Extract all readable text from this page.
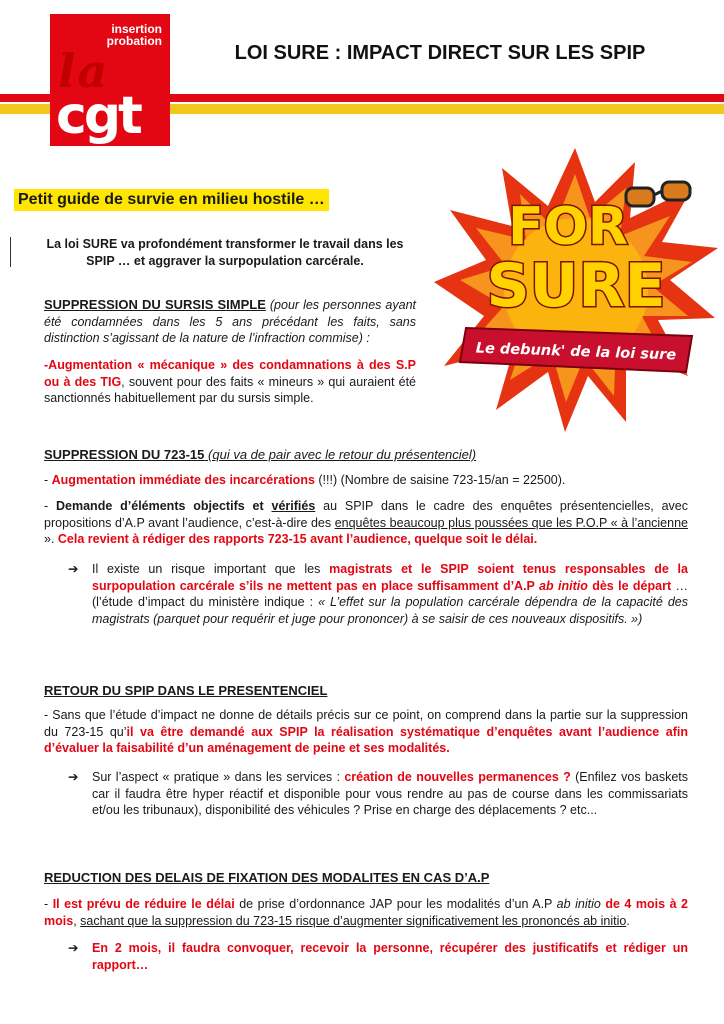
insertion
probation
la
cgt
LOI SURE : IMPACT DIRECT SUR LES SPIP
FOR
SURE
Le debunk' de la loi sure
Petit guide de survie en milieu hostile …
La loi SURE va profondément transformer le travail dans les
SPIP … et aggraver la surpopulation carcérale.

SUPPRESSION DU SURSIS SIMPLE (pour les personnes ayant été condamnées dans les 5 ans précédant les faits, sans distinction s’agissant de la nature de l’infraction commise) :

-Augmentation « mécanique » des condamnations à des S.P ou à des TIG, souvent pour des faits « mineurs » qui auraient été sanctionnés habituellement par du sursis simple.

SUPPRESSION DU 723-15 (qui va de pair avec le retour du présentenciel)

- Augmentation immédiate des incarcérations (!!!) (Nombre de saisine 723-15/an = 22500).

- Demande d’éléments objectifs et vérifiés au SPIP dans le cadre des enquêtes présentencielles, avec propositions d’A.P avant l’audience, c’est-à-dire des enquêtes beaucoup plus poussées que les P.O.P « à l’ancienne ». Cela revient à rédiger des rapports 723-15 avant l’audience, quelque soit le délai.

➔ Il existe un risque important que les magistrats et le SPIP soient tenus responsables de la surpopulation carcérale s’ils ne mettent pas en place suffisamment d’A.P ab initio dès le départ … (l’étude d’impact du ministère indique : « L’effet sur la population carcérale dépendra de la capacité des magistrats (parquet pour requérir et juge pour prononcer) à se saisir de ces nouveaux dispositifs. »)

RETOUR DU SPIP DANS LE PRESENTENCIEL

- Sans que l’étude d’impact ne donne de détails précis sur ce point, on comprend dans la partie sur la suppression du 723-15 qu’il va être demandé aux SPIP la réalisation systématique d’enquêtes avant l’audience afin d’évaluer la faisabilité d’un aménagement de peine et ses modalités.

➔ Sur l’aspect « pratique » dans les services : création de nouvelles permanences ? (Enfilez vos baskets car il faudra être hyper réactif et disponible pour vous rendre au pas de course dans les commissariats et/ou les tribunaux), disponibilité des véhicules ? Prise en charge des déplacements ? etc...

REDUCTION DES DELAIS DE FIXATION DES MODALITES EN CAS D’A.P

- Il est prévu de réduire le délai de prise d’ordonnance JAP pour les modalités d’un A.P ab initio de 4 mois à 2 mois, sachant que la suppression du 723-15 risque d’augmenter significativement les prononcés ab initio.

➔ En 2 mois, il faudra convoquer, recevoir la personne, récupérer des justificatifs et rédiger un rapport…
